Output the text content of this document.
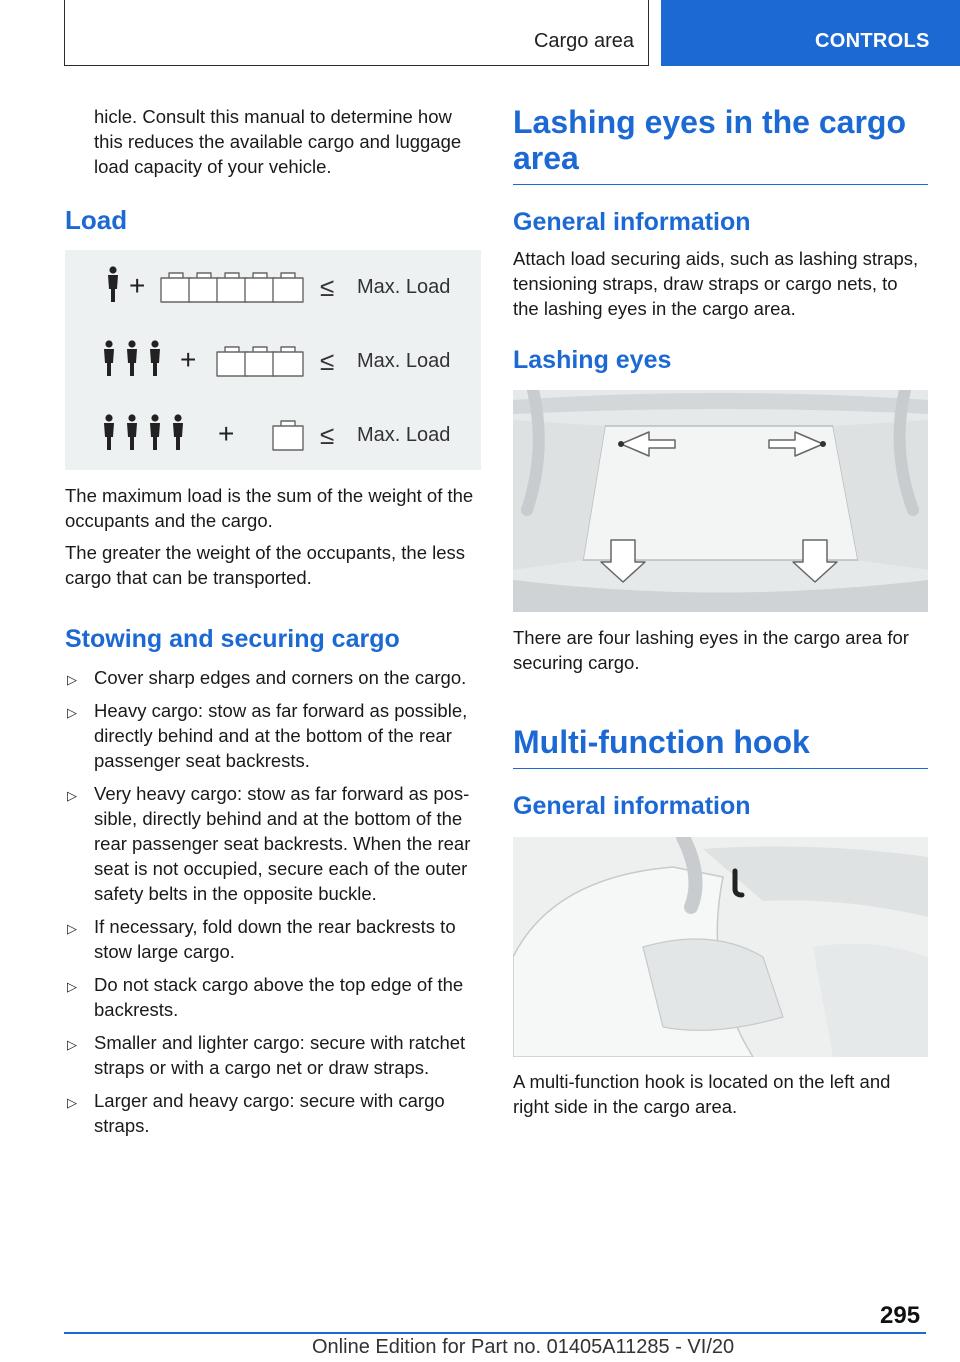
Cargo area	CONTROLS

hicle. Consult this manual to determine how this reduces the available cargo and luggage load capacity of your vehicle.

Load
+
+
+
≤
≤
≤
Max. Load
Max. Load
Max. Load

The maximum load is the sum of the weight of the occupants and the cargo.

The greater the weight of the occupants, the less cargo that can be transported.

Stowing and securing cargo
▷ Cover sharp edges and corners on the cargo.
▷ Heavy cargo: stow as far forward as possible, directly behind and at the bottom of the rear passenger seat backrests.
▷ Very heavy cargo: stow as far forward as pos‐sible, directly behind and at the bottom of the rear passenger seat backrests. When the rear seat is not occupied, secure each of the outer safety belts in the opposite buckle.
▷ If necessary, fold down the rear backrests to stow large cargo.
▷ Do not stack cargo above the top edge of the backrests.
▷ Smaller and lighter cargo: secure with ratchet straps or with a cargo net or draw straps.
▷ Larger and heavy cargo: secure with cargo straps.
Lashing eyes in the cargo area
General information

Attach load securing aids, such as lashing straps, tensioning straps, draw straps or cargo nets, to the lashing eyes in the cargo area.

Lashing eyes

There are four lashing eyes in the cargo area for securing cargo.

Multi-function hook
General information

A multi-function hook is located on the left and right side in the cargo area.

295
Online Edition for Part no. 01405A11285 - VI/20
